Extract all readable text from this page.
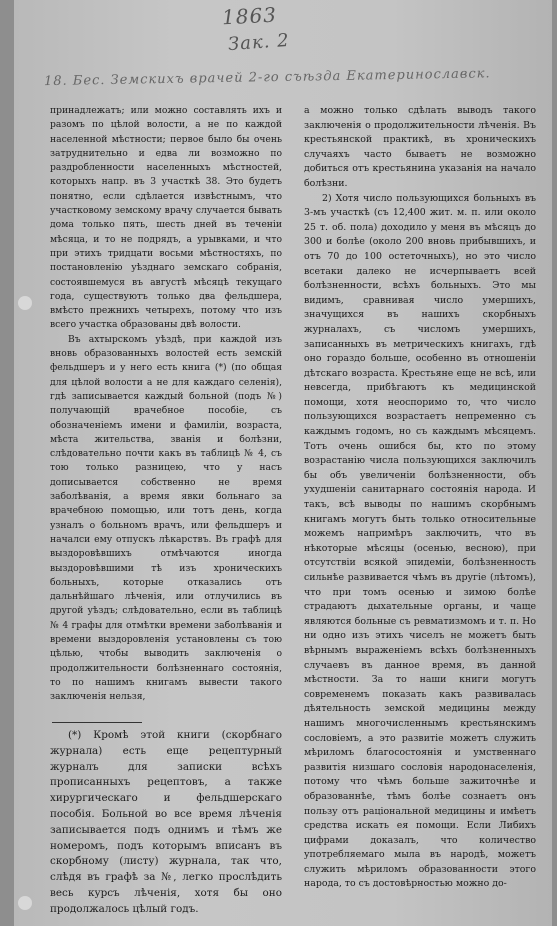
1863
Зак. 2
18. Бес. Земскихъ врачей 2-го съѣзда Екатеринославск.

принадлежатъ; или можно составлять ихъ и разомъ по цѣлой волости, а не по каждой населенной мѣстности; первое было бы очень затруднительно и едва ли возможно по раздробленности населенныхъ мѣстностей, которыхъ напр. въ 3 участкѣ 38. Это будетъ понятно, если сдѣлается извѣстнымъ, что участковому земскому врачу случается бывать дома только пять, шесть дней въ теченіи мѣсяца, и то не подрядъ, а урывками, и что при этихъ тридцати восьми мѣстностяхъ, по постановленію уѣзднаго земскаго собранія, состоявшемуся въ августѣ мѣсяцѣ текущаго года, существуютъ только два фельдшера, вмѣсто прежнихъ четырехъ, потому что изъ всего участка образованы двѣ волости.

Въ ахтырскомъ уѣздѣ, при каждой изъ вновь образованныхъ волостей есть земскій фельдшеръ и у него есть книга (*) (по общая для цѣлой волости а не для каждаго селенія), гдѣ записывается каждый больной (подъ №) получающій врачебное пособіе, съ обозначеніемъ имени и фамиліи, возраста, мѣста жительства, званія и болѣзни, слѣдовательно почти какъ въ таблицѣ № 4, съ тою только разницею, что у насъ дописывается собственно не время заболѣванія, а время явки больнаго за врачебною помощью, или тотъ день, когда узналъ о больномъ врачъ, или фельдшеръ и началси ему отпускъ лѣкарствъ. Въ графѣ для выздоровѣвшихъ отмѣчаются иногда выздоровѣвшими тѣ изъ хроническихъ больныхъ, которые отказались отъ дальнѣйшаго лѣченія, или отлучились въ другой уѣздъ; слѣдовательно, если въ таблицѣ № 4 графы для отмѣтки времени заболѣванія и времени выздоровленія установлены съ тою цѣлью, чтобы выводить заключенія о продолжительности болѣзненнаго состоянія, то по нашимъ книгамъ вывести такого заключенія нельзя,

(*) Кромѣ этой книги (скорбнаго журнала) есть еще рецептурный журналъ для записки всѣхъ прописанныхъ рецептовъ, а также хирургическаго и фельдшерскаго пособія. Больной во все время лѣченія записывается подъ однимъ и тѣмъ же номеромъ, подъ которымъ вписанъ въ скорбному (листу) журнала, так что, слѣдя въ графѣ за №, легко прослѣдить весь курсъ лѣченія, хотя бы оно продолжалось цѣлый годъ.

а можно только сдѣлать выводъ такого заключенія о продолжительности лѣченія. Въ крестьянской практикѣ, въ хроническихъ случаяхъ часто бываетъ не возможно добиться отъ крестьянина указанія на начало болѣзни.

2) Хотя число пользующихся больныхъ въ 3-мъ участкѣ (съ 12,400 жит. м. п. или около 25 т. об. пола) доходило у меня въ мѣсяцъ до 300 и болѣе (около 200 вновь прибывшихъ, и отъ 70 до 100 остеточныхъ), но это число всетаки далеко не исчерпываетъ всей болѣзненности, всѣхъ больныхъ. Это мы видимъ, сравнивая число умершихъ, значущихся въ нашихъ скорбныхъ журналахъ, съ числомъ умершихъ, записанныхъ въ метрическихъ книгахъ, гдѣ оно гораздо больше, особенно въ отношеніи дѣтскаго возраста. Крестьяне еще не всѣ, или невсегда, прибѣгаютъ къ медицинской помощи, хотя неоспоримо то, что число пользующихся возрастаетъ непременно съ каждымъ годомъ, но съ каждымъ мѣсяцемъ. Тотъ очень ошибся бы, кто по этому возрастанію числа пользующихся заключилъ бы объ увеличеніи болѣзненности, объ ухудшеніи санитарнаго состоянія народа. И такъ, всѣ выводы по нашимъ скорбнымъ книгамъ могутъ быть только относительные можемъ напримѣръ заключить, что въ нѣкоторые мѣсяцы (осенью, весною), при отсутствіи всякой эпидеміи, болѣзненность сильнѣе развивается чѣмъ въ другіе (лѣтомъ), что при томъ осенью и зимою болѣе страдаютъ дыхательные органы, и чаще являются больные съ ревматизмомъ и т. п. Но ни одно изъ этихъ чиселъ не можетъ быть вѣрнымъ выраженіемъ всѣхъ болѣзненныхъ случаевъ въ данное время, въ данной мѣстности. За то наши книги могутъ современемъ показать какъ развивалась дѣятельность земской медицины между нашимъ многочисленнымъ крестьянскимъ сословіемъ, а это развитіе можетъ служить мѣриломъ благосостоянія и умственнаго развитія низшаго сословія народонаселенія, потому что чѣмъ больше зажиточнѣе и образованнѣе, тѣмъ болѣе сознаетъ онъ пользу отъ раціональной медицины и имѣетъ средства искать ея помощи. Если Либихъ цифрами доказалъ, что количество употребляемаго мыла въ народѣ, можетъ служить мѣриломъ образованности этого народа, то съ достовѣрностью можно до-
